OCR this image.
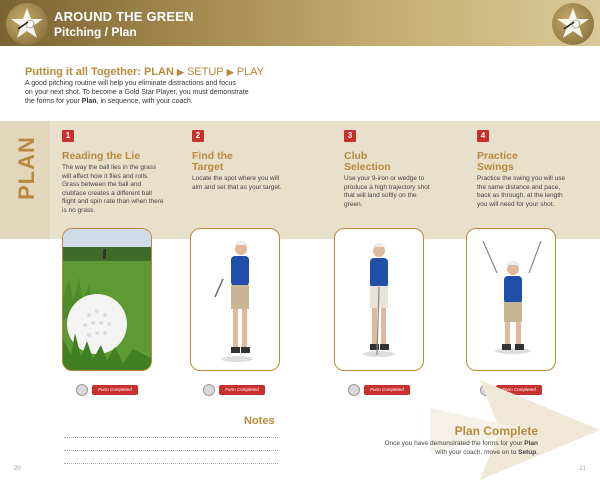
AROUND THE GREEN
Pitching / Plan
Putting it all Together: PLAN ▶ SETUP ▶ PLAY
A good pitching routine will help you eliminate distractions and focus
on your next shot. To become a Gold Star Player, you must demonstrate
the forms for your Plan, in sequence, with your coach.
PLAN
1
Reading the Lie
The way the ball lies in the grass will affect how it flies and rolls. Grass between the ball and clubface creates a different ball flight and spin rate than when there is no grass.
2
Find the Target
Locate the spot where you will aim and set that as your target.
3
Club Selection
Use your 9-iron or wedge to produce a high trajectory shot that will land softly on the green.
4
Practice Swings
Practice the swing you will use the same distance and pace, back as through, at the length you will need for your shot.
Form Completed	Form Completed	Form Completed	Form Completed
Notes
Plan Complete
Once you have demonstrated the forms for your Plan
with your coach, move on to Setup.
20	21
